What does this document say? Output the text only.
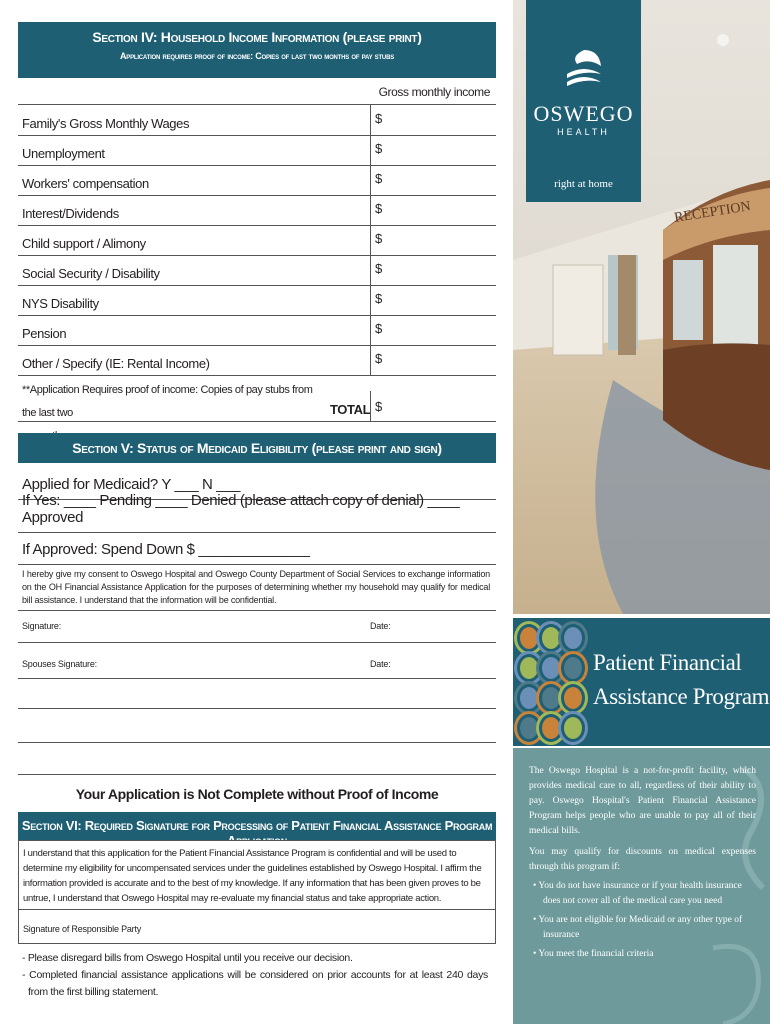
Section IV: Household Income Information (please print)
Application requires proof of income: Copies of last two months of pay stubs
Gross monthly income
Family's Gross Monthly Wages	$
Unemployment	$
Workers' compensation	$
Interest/Dividends	$
Child support / Alimony	$
Social Security / Disability	$
NYS Disability	$
Pension	$
Other / Specify (IE: Rental Income)	$
**Application Requires proof of income: Copies of pay stubs from the last two	TOTAL $
Section V: Status of Medicaid Eligibility (please print and sign)
Applied for Medicaid? Y ___ N ___
If Yes: ____ Pending ____ Denied (please attach copy of denial) ____ Approved
If Approved: Spend Down $ ______________
I hereby give my consent to Oswego Hospital and Oswego County Department of Social Services to exchange information on the OH Financial Assistance Application for the purposes of determining whether my household may qualify for medical bill assistance. I understand that the information will be confidential.
Signature:	Date:
Spouses Signature:	Date:
Your Application is Not Complete without Proof of Income
Section VI: Required Signature for Processing of Patient Financial Assistance Program Application
I understand that this application for the Patient Financial Assistance Program is confidential and will be used to determine my eligibility for uncompensated services under the guidelines established by Oswego Hospital. I affirm the information provided is accurate and to the best of my knowledge. If any information that has been given proves to be untrue, I understand that Oswego Hospital may re-evaluate my financial status and take appropriate action.
Signature of Responsible Party
- Please disregard bills from Oswego Hospital until you receive our decision.
- Completed financial assistance applications will be considered on prior accounts for at least 240 days from the first billing statement.
RECEPTION
OSWEGO
HEALTH
right at home
Patient Financial
Assistance Program

The Oswego Hospital is a not-for-profit facility, which provides medical care to all, regardless of their ability to pay. Oswego Hospital's Patient Financial Assistance Program helps people who are unable to pay all of their medical bills.

You may qualify for discounts on medical expenses through this program if:

• You do not have insurance or if your health insurance does not cover all of the medical care you need

• You are not eligible for Medicaid or any other type of insurance

• You meet the financial criteria
